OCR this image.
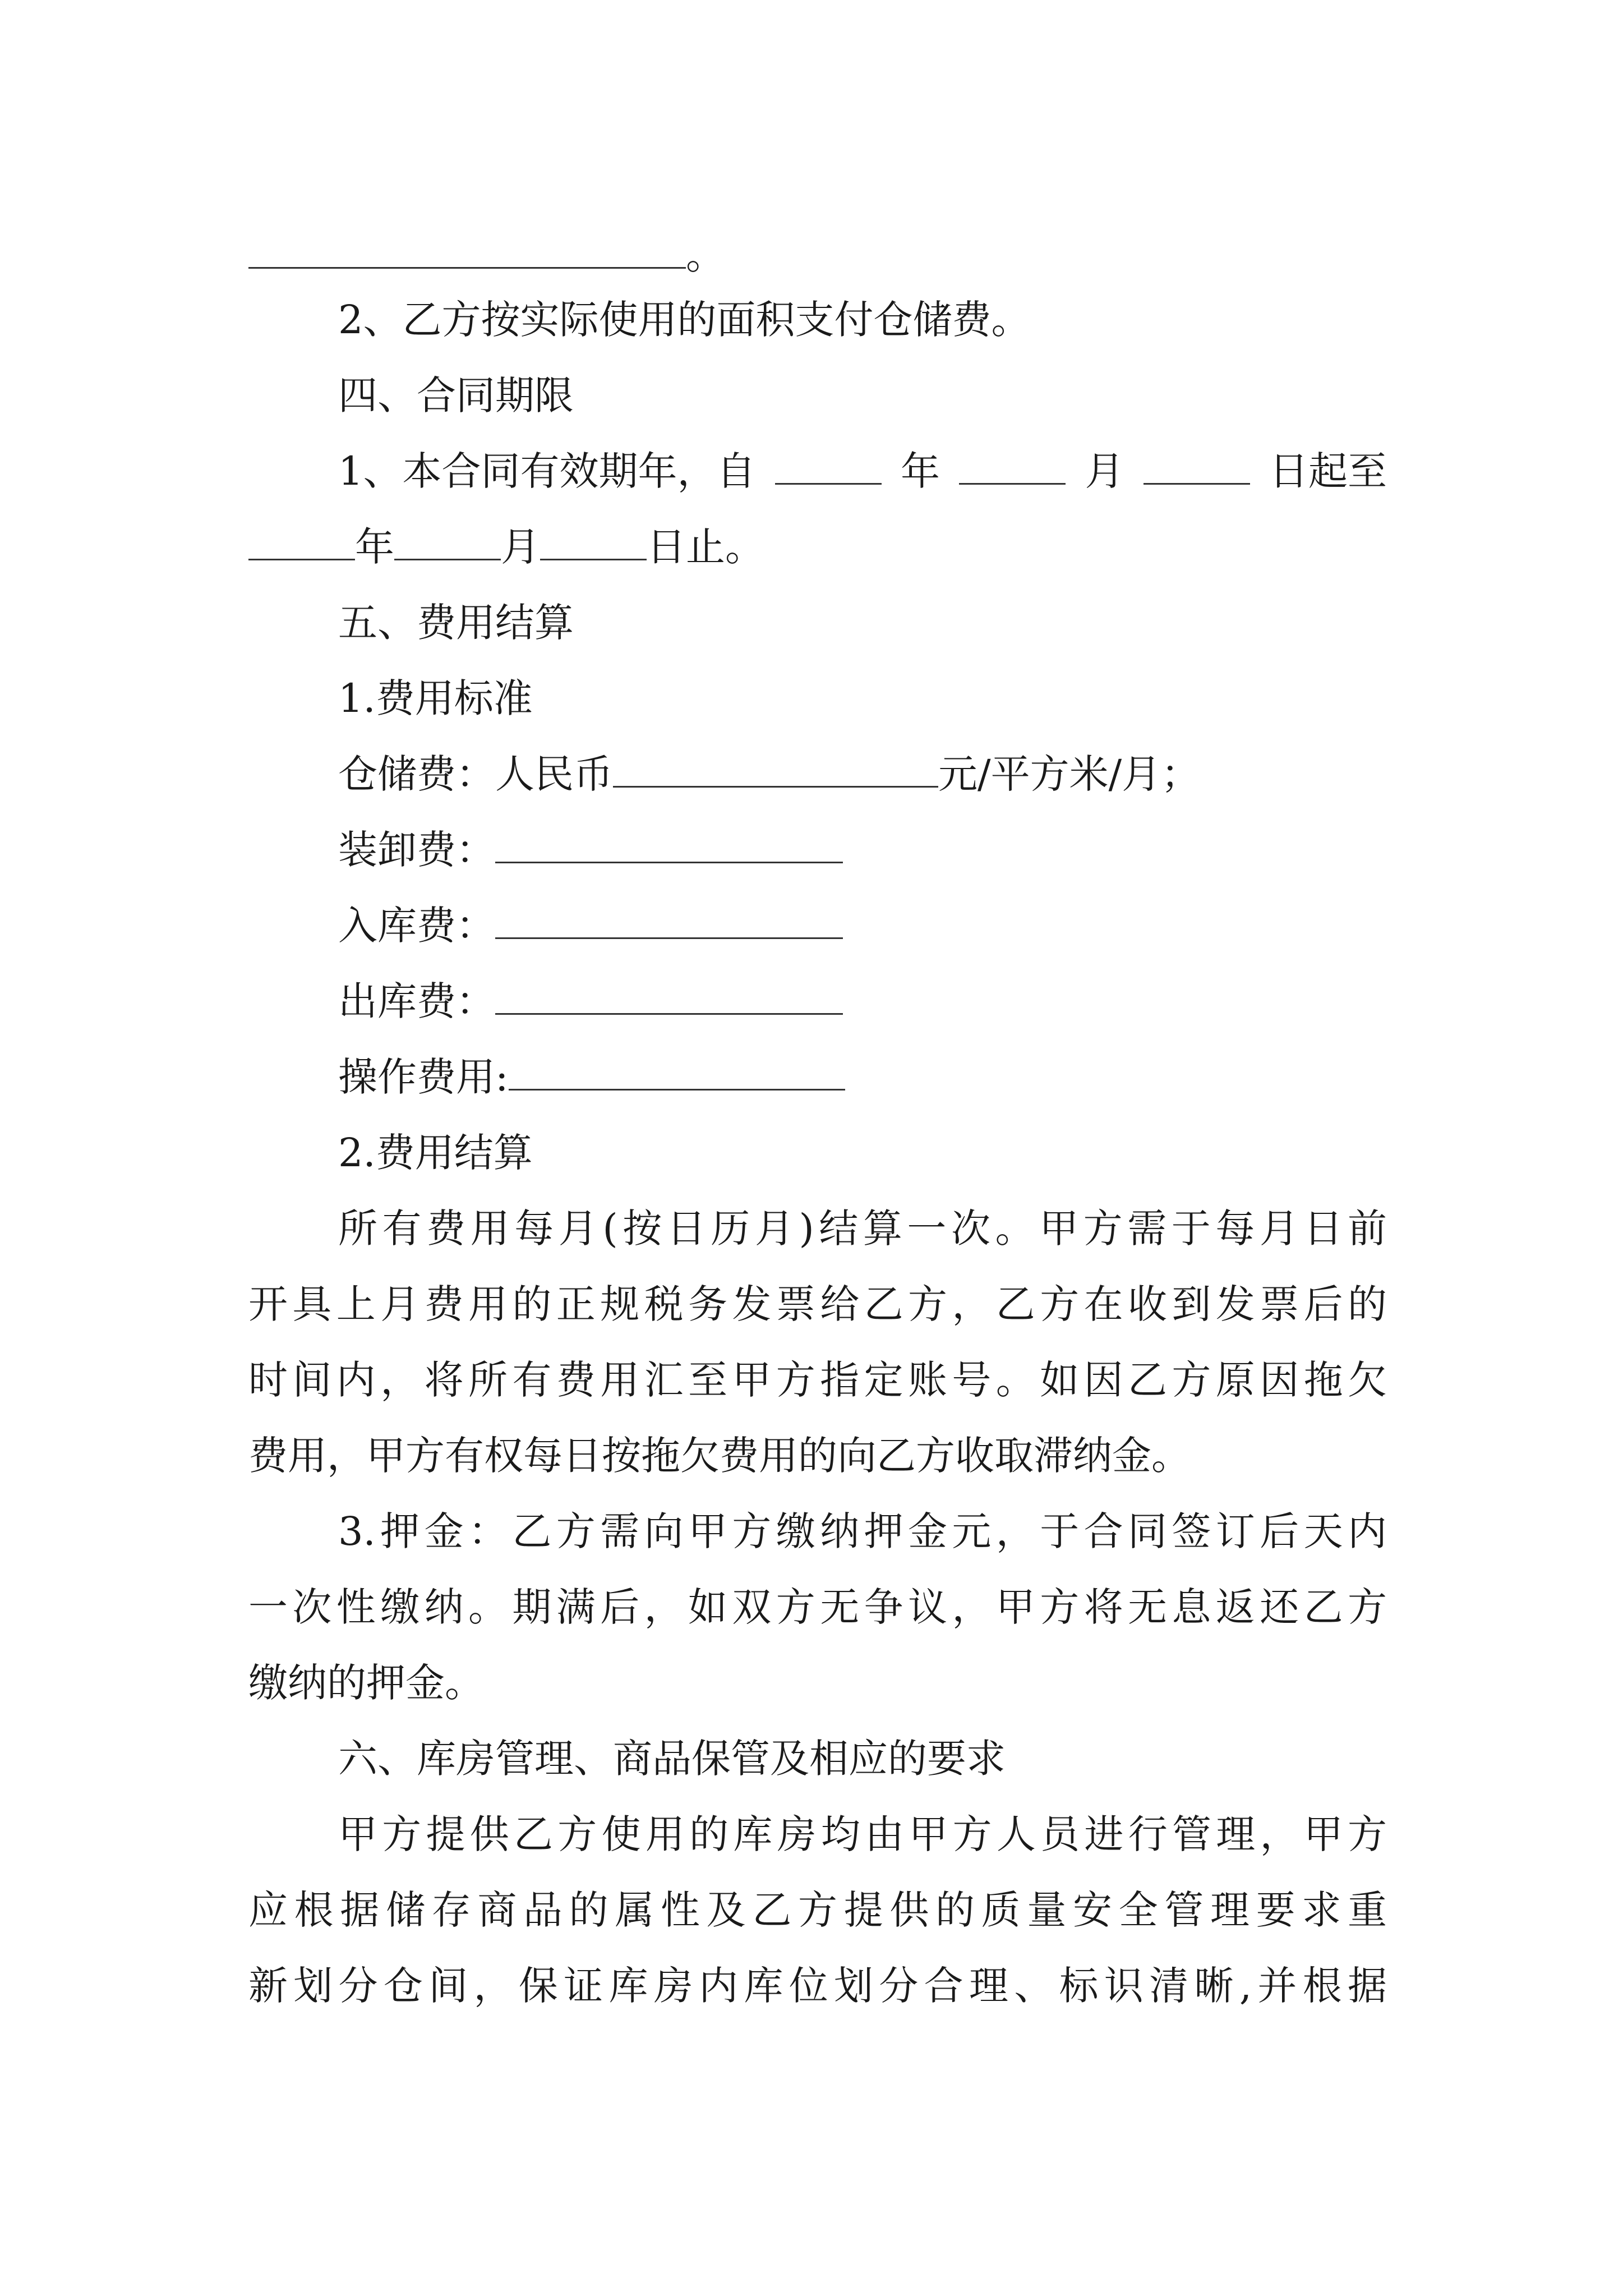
。
2、乙方按实际使用的面积支付仓储费。
四、合同期限
1、本合同有效期年，自	年	月	日起至
年	月	日止。
五、费用结算
1.费用标准
仓储费：人民币	元/平方米/月；
装卸费：
入库费：
出库费：
操作费用:
2.费用结算
所有费用每月(按日历月)结算一次。甲方需于每月日前
开具上月费用的正规税务发票给乙方，乙方在收到发票后的
时间内，将所有费用汇至甲方指定账号。如因乙方原因拖欠
费用，甲方有权每日按拖欠费用的向乙方收取滞纳金。
3.押金：乙方需向甲方缴纳押金元，于合同签订后天内
一次性缴纳。期满后，如双方无争议，甲方将无息返还乙方
缴纳的押金。
六、库房管理、商品保管及相应的要求
甲方提供乙方使用的库房均由甲方人员进行管理，甲方
应根据储存商品的属性及乙方提供的质量安全管理要求重
新划分仓间，保证库房内库位划分合理、标识清晰,并根据
